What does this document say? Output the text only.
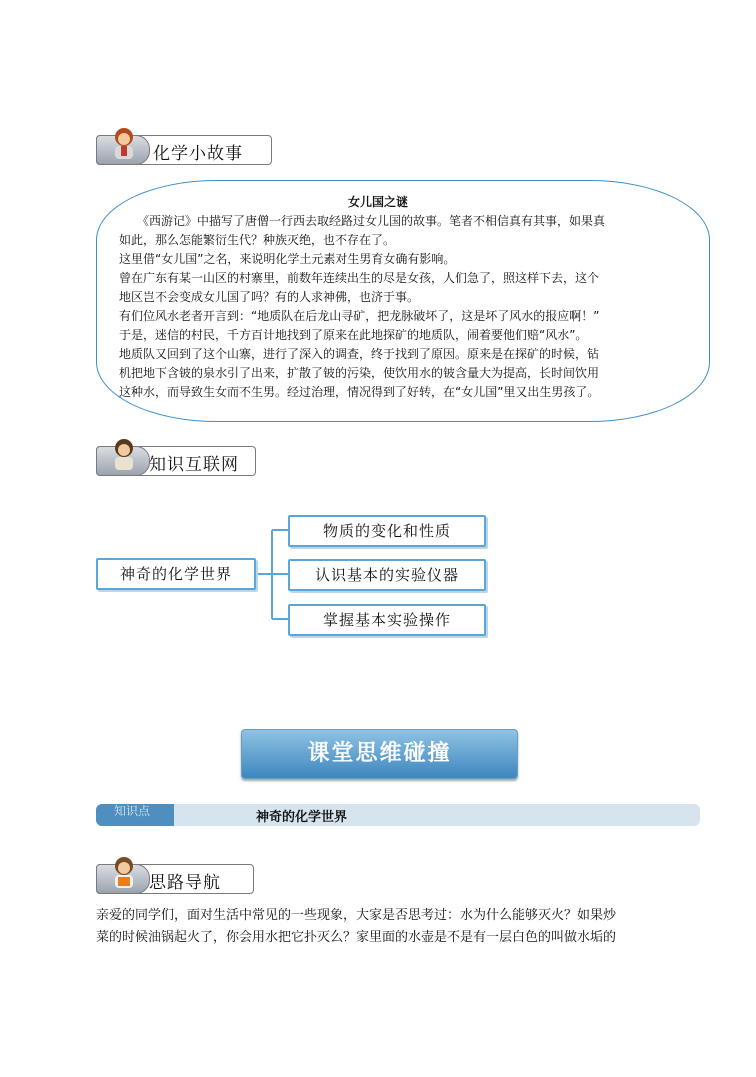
化学小故事
女儿国之谜
　　《西游记》中描写了唐僧一行西去取经路过女儿国的故事。笔者不相信真有其事，如果真
如此，那么怎能繁衍生代？种族灭绝，也不存在了。
这里借“女儿国”之名，来说明化学土元素对生男育女确有影响。
曾在广东有某一山区的村寨里，前数年连续出生的尽是女孩，人们急了，照这样下去，这个
地区岂不会变成女儿国了吗？有的人求神佛，也济于事。
有们位风水老者开言到：“地质队在后龙山寻矿，把龙脉破坏了，这是坏了风水的报应啊！”
于是，迷信的村民，千方百计地找到了原来在此地探矿的地质队，闹着要他们赔“风水”。
地质队又回到了这个山寨，进行了深入的调查，终于找到了原因。原来是在探矿的时候，钻
机把地下含铍的泉水引了出来，扩散了铍的污染，使饮用水的铍含量大为提高，长时间饮用
这种水，而导致生女而不生男。经过治理，情况得到了好转，在“女儿国”里又出生男孩了。
知识互联网
神奇的化学世界
物质的变化和性质
认识基本的实验仪器
掌握基本实验操作
课堂思维碰撞
知识点	神奇的化学世界
思路导航
亲爱的同学们，面对生活中常见的一些现象，大家是否思考过：水为什么能够灭火？如果炒
菜的时候油锅起火了，你会用水把它扑灭么？家里面的水壶是不是有一层白色的叫做水垢的
